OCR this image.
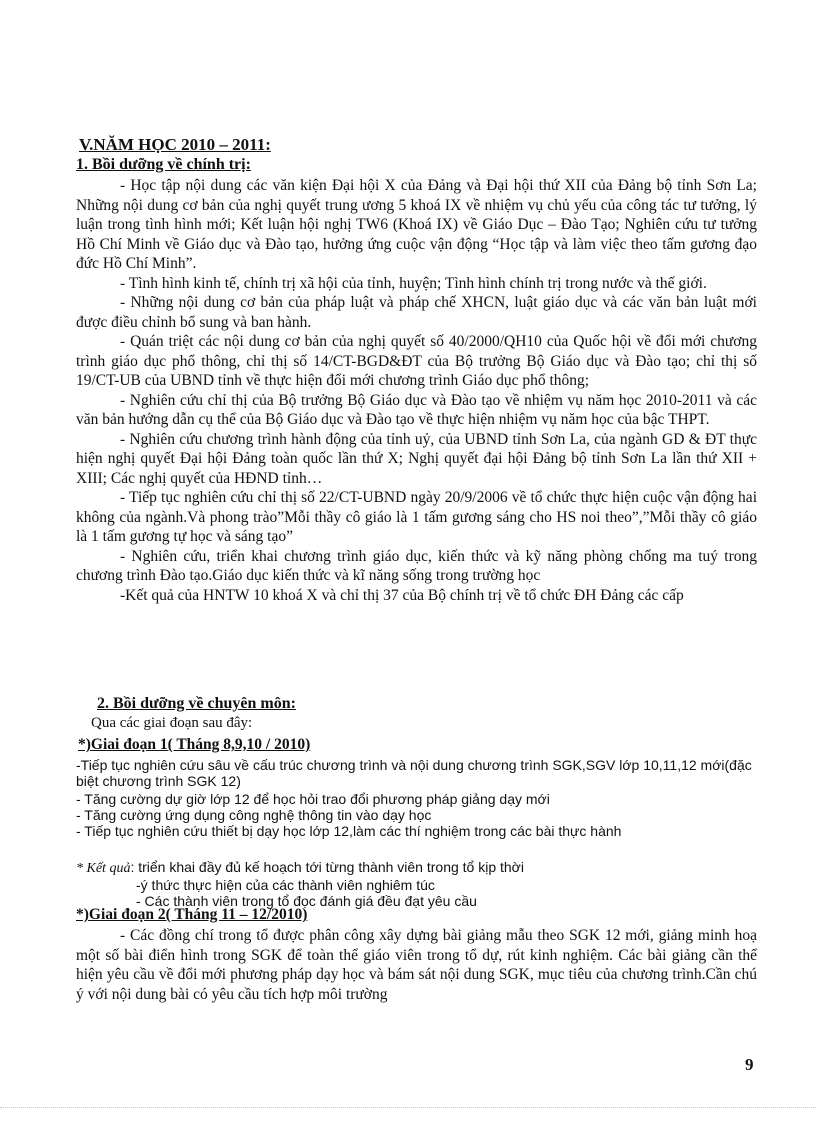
V.NĂM HỌC 2010 – 2011:
1. Bồi dưỡng về chính trị:
- Học tập nội dung các văn kiện Đại hội X của Đảng và Đại hội thứ XII của Đảng bộ tỉnh Sơn La; Những nội dung cơ bản của nghị quyết trung ương 5 khoá IX về nhiệm vụ chủ yếu của công tác tư tưởng, lý luận trong tình hình mới; Kết luận hội nghị TW6 (Khoá IX) về Giáo Dục – Đào Tạo; Nghiên cứu tư tưởng Hồ Chí Minh về Giáo dục và Đào tạo, hưởng ứng cuộc vận động “Học tập và làm việc theo tấm gương đạo đức Hồ Chí Minh”.
- Tình hình kinh tế, chính trị xã hội của tỉnh, huyện; Tình hình chính trị trong nước và thế giới.
- Những nội dung cơ bản của pháp luật và pháp chế XHCN, luật giáo dục và các văn bản luật mới được điều chỉnh bổ sung và ban hành.
- Quán triệt các nội dung cơ bản của nghị quyết số 40/2000/QH10 của Quốc hội về đổi mới chương trình giáo dục phổ thông, chỉ thị số 14/CT-BGD&ĐT của Bộ trưởng Bộ Giáo dục và Đào tạo; chỉ thị số 19/CT-UB của UBND tỉnh về thực hiện đổi mới chương trình Giáo dục phổ thông;
- Nghiên cứu chỉ thị của Bộ trưởng Bộ Giáo dục và Đào tạo về nhiệm vụ năm học 2010-2011 và các văn bản hướng dẫn cụ thể của Bộ Giáo dục và Đào tạo về thực hiện nhiệm vụ năm học của bậc THPT.
- Nghiên cứu chương trình hành động của tỉnh uỷ, của UBND tỉnh Sơn La, của ngành GD & ĐT thực hiện nghị quyết Đại hội Đảng toàn quốc lần thứ X; Nghị quyết đại hội Đảng bộ tỉnh Sơn La lần thứ XII + XIII; Các nghị quyết của HĐND tỉnh…
- Tiếp tục nghiên cứu chỉ thị số 22/CT-UBND ngày 20/9/2006 về tổ chức thực hiện cuộc vận động hai không của ngành.Và phong trào”Mỗi thầy cô giáo là 1 tấm gương sáng cho HS noi theo”,”Mỗi thầy cô giáo là 1 tấm gương tự học và sáng tạo”
- Nghiên cứu, triển khai chương trình giáo dục, kiến thức và kỹ năng phòng chống ma tuý trong chương trình Đào tạo.Giáo dục kiến thức và kĩ năng sống trong trường học
-Kết quả của HNTW 10 khoá X và chỉ thị 37 của Bộ chính trị về tổ chức ĐH Đảng các cấp
2. Bồi dưỡng về chuyên môn:
Qua các giai đoạn sau đây:
*)Giai đoạn 1( Tháng 8,9,10 / 2010)
-Tiếp tục nghiên cứu sâu về cấu trúc chương trình và nội dung chương trình SGK,SGV lớp 10,11,12 mới(đặc biệt chương trình SGK 12)
- Tăng cường dự giờ lớp 12 để học hỏi trao đổi phương pháp giảng dạy mới
- Tăng cường ứng dụng công nghệ thông tin vào dạy học
- Tiếp tục nghiên cứu thiết bị dạy học lớp 12,làm các thí nghiệm trong các bài thực hành
* Kết quả: triển khai đầy đủ kế hoạch tới từng thành viên trong tổ kịp thời
-ý thức thực hiện của các thành viên nghiêm túc
- Các thành viên trong tổ đọc đánh giá đều đạt yêu cầu
*)Giai đoạn 2( Tháng 11 – 12/2010)
- Các đồng chí trong tổ được phân công xây dựng bài giảng mẫu theo SGK 12 mới, giảng minh hoạ một số bài điển hình trong SGK để toàn thể giáo viên trong tổ dự, rút kinh nghiệm. Các bài giảng cần thể hiện yêu cầu về đổi mới phương pháp dạy học và bám sát nội dung SGK, mục tiêu của chương trình.Cần chú ý với nội dung bài có yêu cầu tích hợp môi trường
9
